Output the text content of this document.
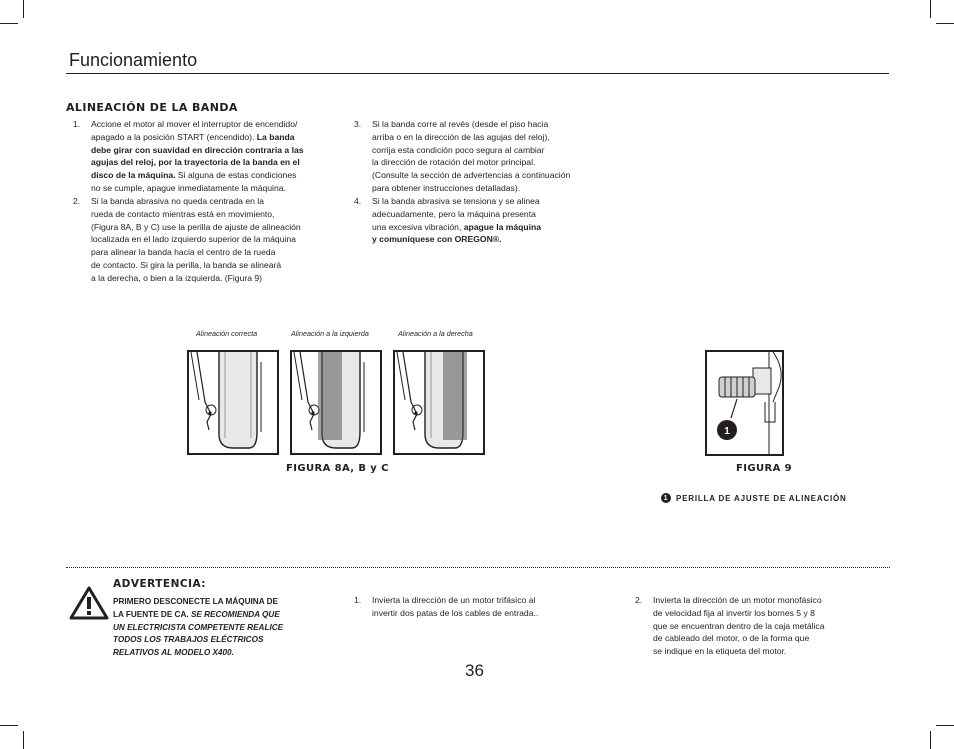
Funcionamiento
ALINEACIÓN DE LA BANDA
1. Accione el motor al mover el interruptor de encendido/
apagado a la posición START (encendido). La banda
debe girar con suavidad en dirección contraria a las
agujas del reloj, por la trayectoria de la banda en el
disco de la máquina. Si alguna de estas condiciones
no se cumple, apague inmediatamente la máquina.
2. Si la banda abrasiva no queda centrada en la
rueda de contacto mientras está en movimiento,
(Figura 8A, B y C) use la perilla de ajuste de alineación
localizada en el lado izquierdo superior de la máquina
para alinear la banda hacia el centro de la rueda
de contacto. Si gira la perilla, la banda se alineará
a la derecha, o bien a la izquierda. (Figura 9)
3. Si la banda corre al revés (desde el piso hacia
arriba o en la dirección de las agujas del reloj),
corrija esta condición poco segura al cambiar
la dirección de rotación del motor principal.
(Consulte la sección de advertencias a continuación
para obtener instrucciones detalladas).
4. Si la banda abrasiva se tensiona y se alinea
adecuadamente, pero la máquina presenta
una excesiva vibración, apague la máquina
y comuníquese con OREGON®.
Alineación correcta	Alineación a la izquierda	Alineación a la derecha
FIGURA 8A, B y C
1
FIGURA 9
1 PERILLA DE AJUSTE DE ALINEACIÓN
ADVERTENCIA:
PRIMERO DESCONECTE LA MÁQUINA DE
LA FUENTE DE CA. SE RECOMIENDA QUE
UN ELECTRICISTA COMPETENTE REALICE
TODOS LOS TRABAJOS ELÉCTRICOS
RELATIVOS AL MODELO X400.
1. Invierta la dirección de un motor trifásico al
invertir dos patas de los cables de entrada..
2. Invierta la dirección de un motor monofásico
de velocidad fija al invertir los bornes 5 y 8
que se encuentran dentro de la caja metálica
de cableado del motor, o de la forma que
se indique en la etiqueta del motor.
36
